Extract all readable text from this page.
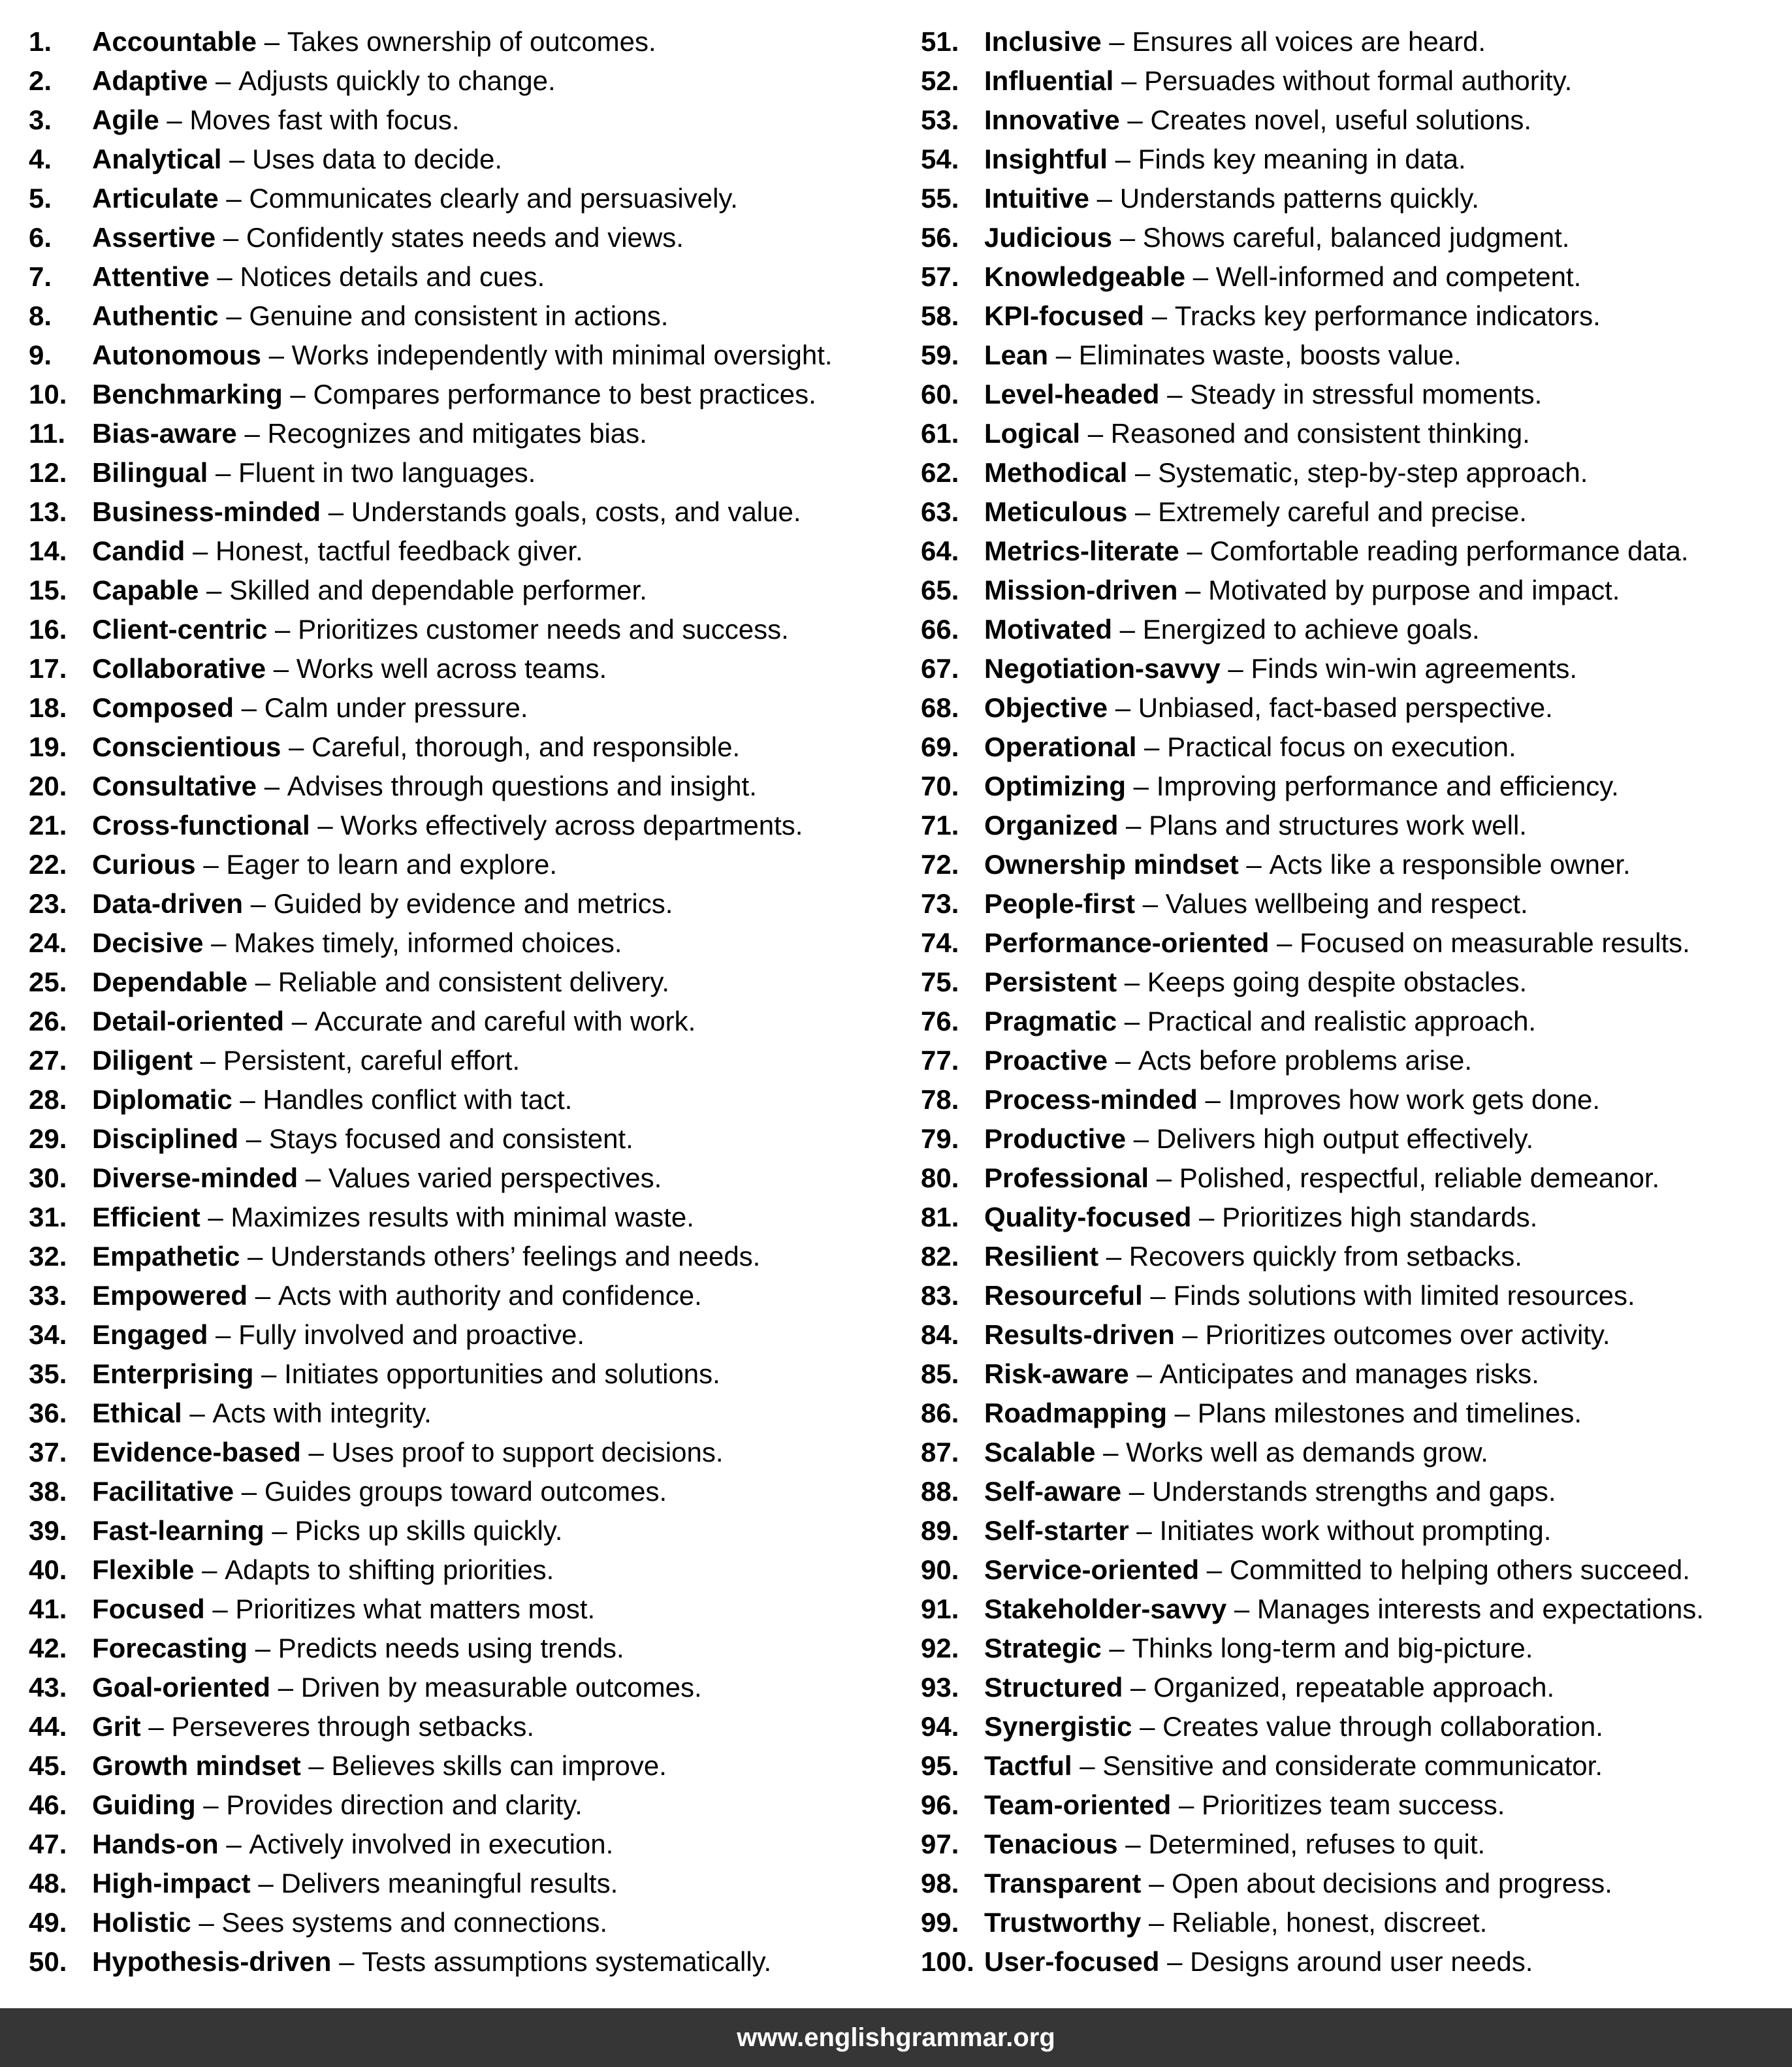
1.	Accountable – Takes ownership of outcomes.
2.	Adaptive – Adjusts quickly to change.
3.	Agile – Moves fast with focus.
4.	Analytical – Uses data to decide.
5.	Articulate – Communicates clearly and persuasively.
6.	Assertive – Confidently states needs and views.
7.	Attentive – Notices details and cues.
8.	Authentic – Genuine and consistent in actions.
9.	Autonomous – Works independently with minimal oversight.
10. Benchmarking – Compares performance to best practices.
11. Bias-aware – Recognizes and mitigates bias.
12. Bilingual – Fluent in two languages.
13. Business-minded – Understands goals, costs, and value.
14. Candid – Honest, tactful feedback giver.
15. Capable – Skilled and dependable performer.
16. Client-centric – Prioritizes customer needs and success.
17. Collaborative – Works well across teams.
18. Composed – Calm under pressure.
19. Conscientious – Careful, thorough, and responsible.
20. Consultative – Advises through questions and insight.
21. Cross-functional – Works effectively across departments.
22. Curious – Eager to learn and explore.
23. Data-driven – Guided by evidence and metrics.
24. Decisive – Makes timely, informed choices.
25. Dependable – Reliable and consistent delivery.
26. Detail-oriented – Accurate and careful with work.
27. Diligent – Persistent, careful effort.
28. Diplomatic – Handles conflict with tact.
29. Disciplined – Stays focused and consistent.
30. Diverse-minded – Values varied perspectives.
31. Efficient – Maximizes results with minimal waste.
32. Empathetic – Understands others’ feelings and needs.
33. Empowered – Acts with authority and confidence.
34. Engaged – Fully involved and proactive.
35. Enterprising – Initiates opportunities and solutions.
36. Ethical – Acts with integrity.
37. Evidence-based – Uses proof to support decisions.
38. Facilitative – Guides groups toward outcomes.
39. Fast-learning – Picks up skills quickly.
40. Flexible – Adapts to shifting priorities.
41. Focused – Prioritizes what matters most.
42. Forecasting – Predicts needs using trends.
43. Goal-oriented – Driven by measurable outcomes.
44. Grit – Perseveres through setbacks.
45. Growth mindset – Believes skills can improve.
46. Guiding – Provides direction and clarity.
47. Hands-on – Actively involved in execution.
48. High-impact – Delivers meaningful results.
49. Holistic – Sees systems and connections.
50. Hypothesis-driven – Tests assumptions systematically.
51. Inclusive – Ensures all voices are heard.
52. Influential – Persuades without formal authority.
53. Innovative – Creates novel, useful solutions.
54. Insightful – Finds key meaning in data.
55. Intuitive – Understands patterns quickly.
56. Judicious – Shows careful, balanced judgment.
57. Knowledgeable – Well-informed and competent.
58. KPI-focused – Tracks key performance indicators.
59. Lean – Eliminates waste, boosts value.
60. Level-headed – Steady in stressful moments.
61. Logical – Reasoned and consistent thinking.
62. Methodical – Systematic, step-by-step approach.
63. Meticulous – Extremely careful and precise.
64. Metrics-literate – Comfortable reading performance data.
65. Mission-driven – Motivated by purpose and impact.
66. Motivated – Energized to achieve goals.
67. Negotiation-savvy – Finds win-win agreements.
68. Objective – Unbiased, fact-based perspective.
69. Operational – Practical focus on execution.
70. Optimizing – Improving performance and efficiency.
71. Organized – Plans and structures work well.
72. Ownership mindset – Acts like a responsible owner.
73. People-first – Values wellbeing and respect.
74. Performance-oriented – Focused on measurable results.
75. Persistent – Keeps going despite obstacles.
76. Pragmatic – Practical and realistic approach.
77. Proactive – Acts before problems arise.
78. Process-minded – Improves how work gets done.
79. Productive – Delivers high output effectively.
80. Professional – Polished, respectful, reliable demeanor.
81. Quality-focused – Prioritizes high standards.
82. Resilient – Recovers quickly from setbacks.
83. Resourceful – Finds solutions with limited resources.
84. Results-driven – Prioritizes outcomes over activity.
85. Risk-aware – Anticipates and manages risks.
86. Roadmapping – Plans milestones and timelines.
87. Scalable – Works well as demands grow.
88. Self-aware – Understands strengths and gaps.
89. Self-starter – Initiates work without prompting.
90. Service-oriented – Committed to helping others succeed.
91. Stakeholder-savvy – Manages interests and expectations.
92. Strategic – Thinks long-term and big-picture.
93. Structured – Organized, repeatable approach.
94. Synergistic – Creates value through collaboration.
95. Tactful – Sensitive and considerate communicator.
96. Team-oriented – Prioritizes team success.
97. Tenacious – Determined, refuses to quit.
98. Transparent – Open about decisions and progress.
99. Trustworthy – Reliable, honest, discreet.
100. User-focused – Designs around user needs.
www.englishgrammar.org
